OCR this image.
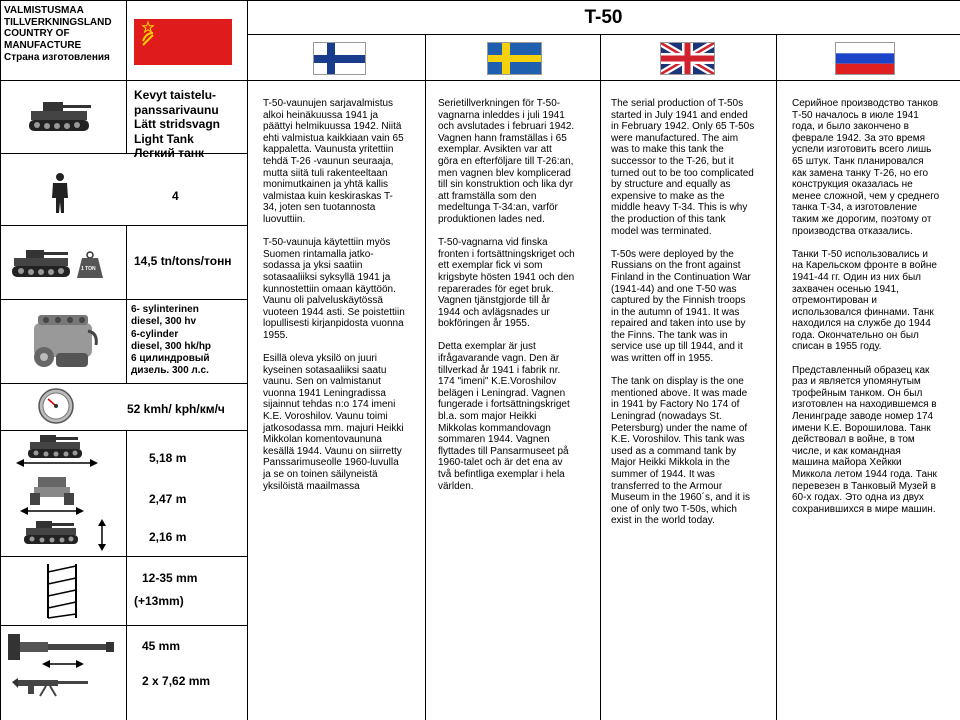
VALMISTUSMAA
TILLVERKNINGSLAND
COUNTRY OF
MANUFACTURE
Страна изготовления
T-50
Kevyt taistelu-
panssarivaunu
Lätt stridsvagn
Light Tank
Легкий танк
4
1 TON
14,5 tn/tons/тонн
6- sylinterinen
diesel, 300 hv
6-cylinder
diesel, 300 hk/hp
6 цилиндровый
дизель. 300 л.с.
52 kmh/ kph/км/ч
5,18 m
2,47 m
2,16 m
12-35 mm
(+13mm)
45 mm
2 x 7,62 mm
T-50-vaunujen sarjavalmistus
alkoi heinäkuussa 1941 ja
päättyi helmikuussa 1942. Niitä
ehti valmistua kaikkiaan vain 65
kappaletta. Vaunusta yritettiin
tehdä T-26 -vaunun seuraaja,
mutta siitä tuli rakenteeltaan
monimutkainen ja yhtä kallis
valmistaa kuin keskiraskas T-
34, joten sen tuotannosta
luovuttiin.

T-50-vaunuja käytettiin myös
Suomen rintamalla jatko-
sodassa ja yksi saatiin
sotasaaliiksi syksyllä 1941 ja
kunnostettiin omaan käyttöön.
Vaunu oli palveluskäytössä
vuoteen 1944 asti. Se poistettiin
lopullisesti kirjanpidosta vuonna
1955.

Esillä oleva yksilö on juuri
kyseinen sotasaaliiksi saatu
vaunu. Sen on valmistanut
vuonna 1941 Leningradissa
sijainnut tehdas n:o 174 imeni
K.E. Voroshilov. Vaunu toimi
jatkosodassa mm. majuri Heikki
Mikkolan komentovaununa
kesällä 1944. Vaunu on siirretty
Panssarimuseolle 1960-luvulla
ja se on toinen säilyneistä
yksilöistä maailmassa
Serietillverkningen för T-50-
vagnarna inleddes i juli 1941
och avslutades i februari 1942.
Vagnen hann framställas i 65
exemplar. Avsikten var att
göra en efterföljare till T-26:an,
men vagnen blev komplicerad
till sin konstruktion och lika dyr
att framställa som den
medeltunga T-34:an, varför
produktionen lades ned.

T-50-vagnarna vid finska
fronten i fortsättningskriget och
ett exemplar fick vi som
krigsbyte hösten 1941 och den
reparerades för eget bruk.
Vagnen tjänstgjorde till år
1944 och avlägsnades ur
bokföringen år 1955.

Detta exemplar är just
ifrågavarande vagn. Den är
tillverkad år 1941 i fabrik nr.
174 "imeni" K.E.Voroshilov
belägen i Leningrad. Vagnen
fungerade i fortsättningskriget
bl.a. som major Heikki
Mikkolas kommandovagn
sommaren 1944. Vagnen
flyttades till Pansarmuseet på
1960-talet och är det ena av
två befintliga exemplar i hela
världen.
The serial production of T-50s
started in July 1941 and ended
in February 1942. Only 65 T-50s
were manufactured. The aim
was to make this tank the
successor to the T-26, but it
turned out to be too complicated
by structure and equally as
expensive to make as the
middle heavy T-34. This is why
the production of this tank
model was terminated.

T-50s were deployed by the
Russians on the front against
Finland in the Continuation War
(1941-44) and one T-50 was
captured by the Finnish troops
in the autumn of 1941. It was
repaired and taken into use by
the Finns. The tank was in
service use up till 1944, and it
was written off in 1955.

The tank on display is the one
mentioned above. It was made
in 1941 by Factory No 174 of
Leningrad (nowadays St.
Petersburg) under the name of
K.E. Voroshilov. This tank was
used as a command tank by
Major Heikki Mikkola in the
summer of 1944. It was
transferred to the Armour
Museum in the 1960´s, and it is
one of only two T-50s, which
exist in the world today.
Серийное производство танков
Т-50 началось в июле 1941
года, и было закончено в
феврале 1942. За это время
успели изготовить всего лишь
65 штук. Танк планировался
как замена танку Т-26, но его
конструкция оказалась не
менее сложной, чем у среднего
танка Т-34, а изготовление
таким же дорогим, поэтому от
производства отказались.

Танки Т-50 использовались и
на Карельском фронте в войне
1941-44 гг. Один из них был
захвачен осенью 1941,
отремонтирован и
использовался финнами. Танк
находился на службе до 1944
года. Окончательно он был
списан в 1955 году.

Представленный образец как
раз и является упомянутым
трофейным танком. Он был
изготовлен на находившемся в
Ленинграде заводе номер 174
имени К.Е. Ворошилова. Танк
действовал в войне, в том
числе, и как командная
машина майора Хейкки
Миккола летом 1944 года. Танк
перевезен в Танковый Музей в
60-х годах. Это одна из двух
сохранившихся в мире машин.
